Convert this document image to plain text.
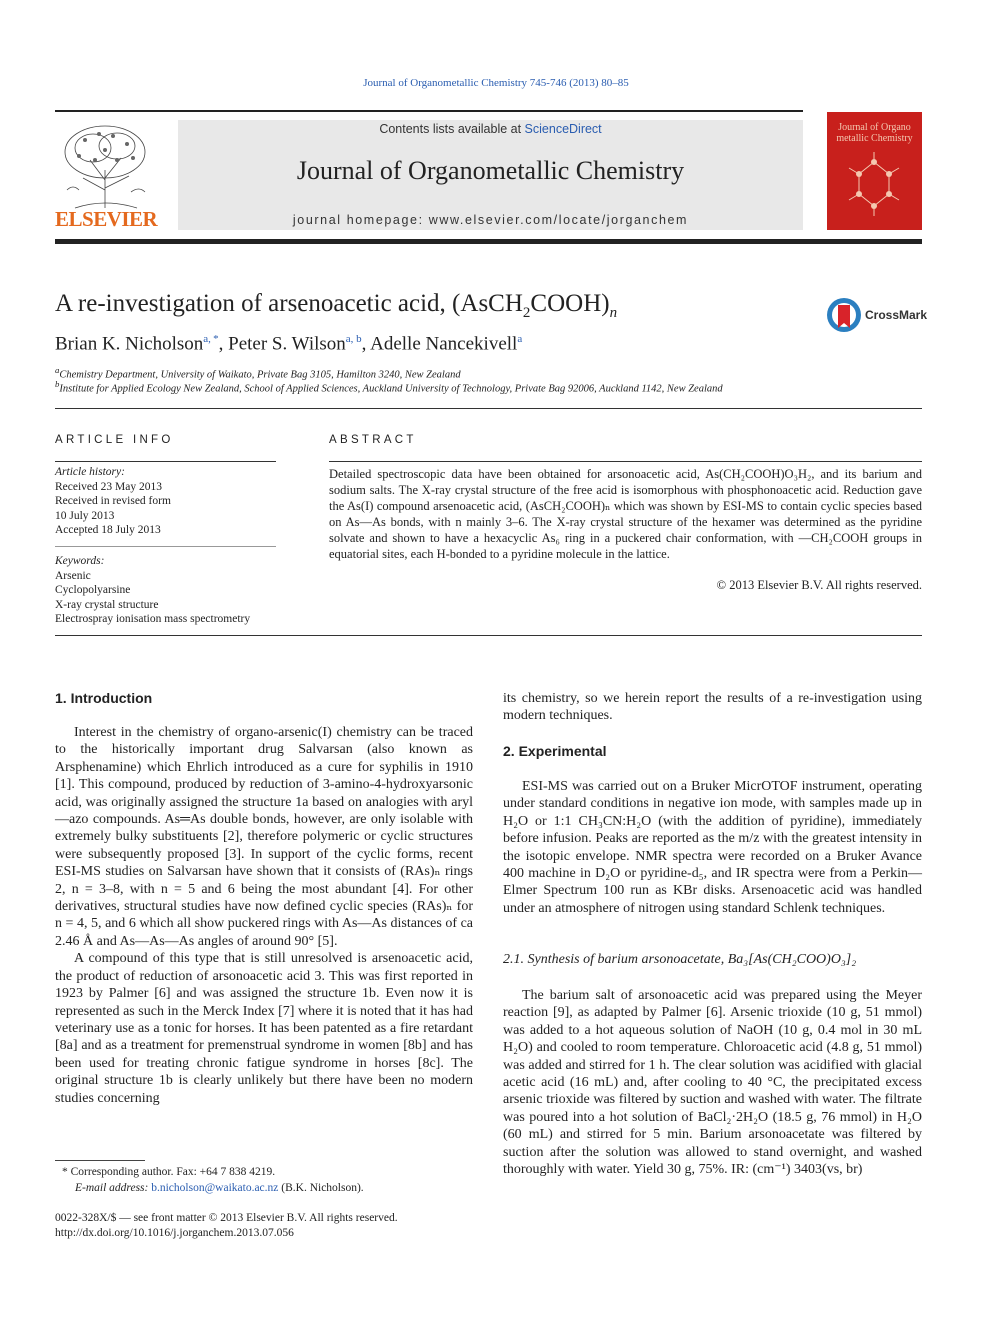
Journal of Organometallic Chemistry 745-746 (2013) 80–85
ELSEVIER
Contents lists available at ScienceDirect
Journal of Organometallic Chemistry
journal homepage: www.elsevier.com/locate/jorganchem
Journal of Organo metallic Chemistry
A re-investigation of arsenoacetic acid, $(AsCH_2COOH)_n$	CrossMark
Brian K. Nicholson$^{a, *}$, Peter S. Wilson$^{a, b}$, Adelle Nancekivell$^a$
$^a$Chemistry Department, University of Waikato, Private Bag 3105, Hamilton 3240, New Zealand
$^b$Institute for Applied Ecology New Zealand, School of Applied Sciences, Auckland University of Technology, Private Bag 92006, Auckland 1142, New Zealand
ARTICLE INFO
Article history:
Received 23 May 2013
Received in revised form
10 July 2013
Accepted 18 July 2013
Keywords:
Arsenic
Cyclopolyarsine
X-ray crystal structure
Electrospray ionisation mass spectrometry
ABSTRACT
Detailed spectroscopic data have been obtained for arsonoacetic acid, As(CH₂COOH)O₃H₂, and its barium and sodium salts. The X-ray crystal structure of the free acid is isomorphous with phosphonoacetic acid. Reduction gave the As(I) compound arsenoacetic acid, (AsCH₂COOH)ₙ which was shown by ESI-MS to contain cyclic species based on As—As bonds, with n mainly 3–6. The X-ray crystal structure of the hexamer was determined as the pyridine solvate and shown to have a hexacyclic As₆ ring in a puckered chair conformation, with —CH₂COOH groups in equatorial sites, each H-bonded to a pyridine molecule in the lattice.
© 2013 Elsevier B.V. All rights reserved.
1. Introduction

Interest in the chemistry of organo-arsenic(I) chemistry can be traced to the historically important drug Salvarsan (also known as Arsphenamine) which Ehrlich introduced as a cure for syphilis in 1910 [1]. This compound, produced by reduction of 3-amino-4-hydroxyarsonic acid, was originally assigned the structure 1a based on analogies with aryl—azo compounds. As═As double bonds, however, are only isolable with extremely bulky substituents [2], therefore polymeric or cyclic structures were subsequently proposed [3]. In support of the cyclic forms, recent ESI-MS studies on Salvarsan have shown that it consists of (RAs)ₙ rings 2, n = 3–8, with n = 5 and 6 being the most abundant [4]. For other derivatives, structural studies have now defined cyclic species (RAs)ₙ for n = 4, 5, and 6 which all show puckered rings with As—As distances of ca 2.46 Å and As—As—As angles of around 90° [5].

A compound of this type that is still unresolved is arsenoacetic acid, the product of reduction of arsonoacetic acid 3. This was first reported in 1923 by Palmer [6] and was assigned the structure 1b. Even now it is represented as such in the Merck Index [7] where it is noted that it has had veterinary use as a tonic for horses. It has been patented as a fire retardant [8a] and as a treatment for premenstrual syndrome in women [8b] and has been used for treating chronic fatigue syndrome in horses [8c]. The original structure 1b is clearly unlikely but there have been no modern studies concerning

its chemistry, so we herein report the results of a re-investigation using modern techniques.

2. Experimental

ESI-MS was carried out on a Bruker MicrOTOF instrument, operating under standard conditions in negative ion mode, with samples made up in H₂O or 1:1 CH₃CN:H₂O (with the addition of pyridine), immediately before infusion. Peaks are reported as the m/z with the greatest intensity in the isotopic envelope. NMR spectra were recorded on a Bruker Avance 400 machine in D₂O or pyridine-d₅, and IR spectra were from a Perkin—Elmer Spectrum 100 run as KBr disks. Arsenoacetic acid was handled under an atmosphere of nitrogen using standard Schlenk techniques.

2.1. Synthesis of barium arsonoacetate, Ba₃[As(CH₂COO)O₃]₂

The barium salt of arsonoacetic acid was prepared using the Meyer reaction [9], as adapted by Palmer [6]. Arsenic trioxide (10 g, 51 mmol) was added to a hot aqueous solution of NaOH (10 g, 0.4 mol in 30 mL H₂O) and cooled to room temperature. Chloroacetic acid (4.8 g, 51 mmol) was added and stirred for 1 h. The clear solution was acidified with glacial acetic acid (16 mL) and, after cooling to 40 °C, the precipitated excess arsenic trioxide was filtered by suction and washed with water. The filtrate was poured into a hot solution of BaCl₂·2H₂O (18.5 g, 76 mmol) in H₂O (60 mL) and stirred for 5 min. Barium arsonoacetate was filtered by suction after the solution was allowed to stand overnight, and washed thoroughly with water. Yield 30 g, 75%. IR: (cm⁻¹) 3403(vs, br)

* Corresponding author. Fax: +64 7 838 4219.
E-mail address: b.nicholson@waikato.ac.nz (B.K. Nicholson).
0022-328X/$ — see front matter © 2013 Elsevier B.V. All rights reserved.
http://dx.doi.org/10.1016/j.jorganchem.2013.07.056
